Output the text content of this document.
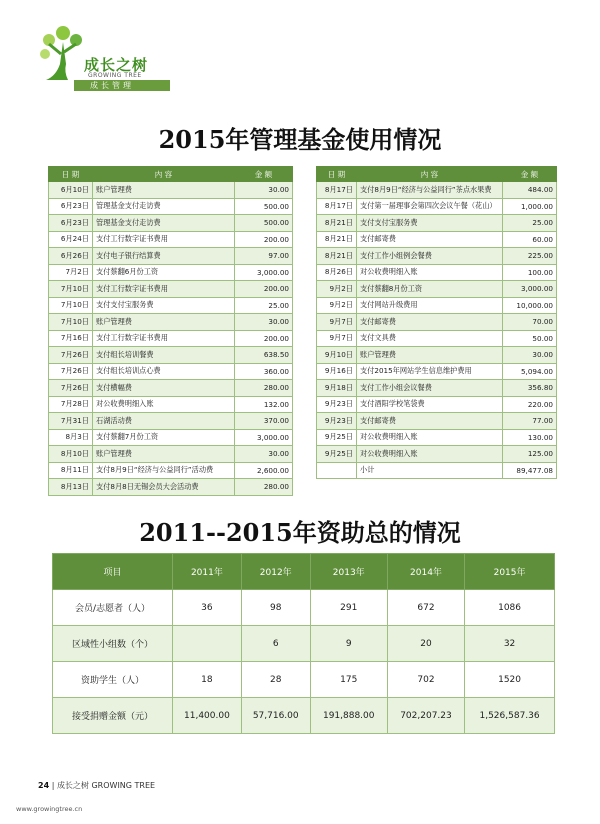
成长之树
GROWING TREE
成长管理
2015年管理基金使用情况
日 期	内 容	金 额
6月10日	账户管理费	30.00
6月23日	管理基金支付走访费	500.00
6月23日	管理基金支付走访费	500.00
6月24日	支付工行数字证书费用	200.00
6月26日	支付电子银行结算费	97.00
7月2日	支付蔡翻6月份工资	3,000.00
7月10日	支付工行数字证书费用	200.00
7月10日	支付支付宝服务费	25.00
7月10日	账户管理费	30.00
7月16日	支付工行数字证书费用	200.00
7月26日	支付组长培训餐费	638.50
7月26日	支付组长培训点心费	360.00
7月26日	支付横幅费	280.00
7月28日	对公收费明细入账	132.00
7月31日	石湖活动费	370.00
8月3日	支付蔡翻7月份工资	3,000.00
8月10日	账户管理费	30.00
8月11日	支付8月9日“经济与公益同行”活动费	2,600.00
8月13日	支付8月8日无锡会员大会活动费	280.00
日 期	内 容	金 额
8月17日	支付8月9日“经济与公益同行”茶点水果费	484.00
8月17日	支付第一届理事会第四次会议午餐（花山）	1,000.00
8月21日	支付支付宝服务费	25.00
8月21日	支付邮寄费	60.00
8月21日	支付工作小组例会餐费	225.00
8月26日	对公收费明细入账	100.00
9月2日	支付蔡翻8月份工资	3,000.00
9月2日	支付网站升级费用	10,000.00
9月7日	支付邮寄费	70.00
9月7日	支付文具费	50.00
9月10日	账户管理费	30.00
9月16日	支付2015年网站学生信息维护费用	5,094.00
9月18日	支付工作小组会议餐费	356.80
9月23日	支付酒阳学校笔袋费	220.00
9月23日	支付邮寄费	77.00
9月25日	对公收费明细入账	130.00
9月25日	对公收费明细入账	125.00
	小计	89,477.08
2011--2015年资助总的情况
项目	2011年	2012年	2013年	2014年	2015年
会员/志愿者（人）	36	98	291	672	1086
区域性小组数（个）		6	9	20	32
资助学生（人）	18	28	175	702	1520
接受捐赠金额（元）	11,400.00	57,716.00	191,888.00	702,207.23	1,526,587.36
24 | 成长之树 GROWING TREE
www.growingtree.cn
